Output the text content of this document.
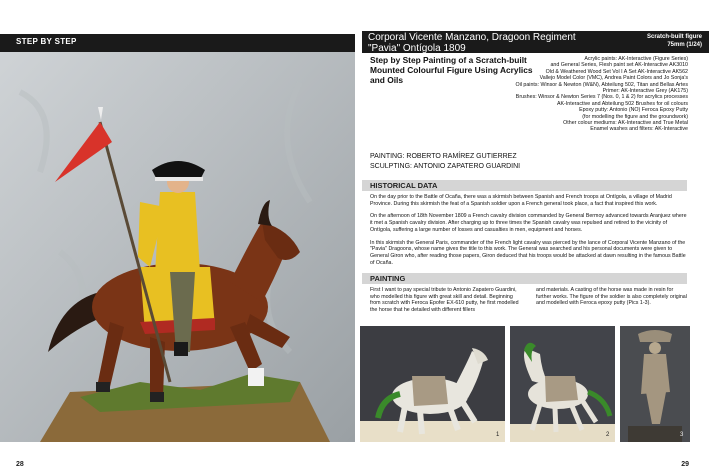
STEP BY STEP
28
Corporal Vicente Manzano, Dragoon Regiment "Pavia" Ontígola 1809
Scratch-built figure
75mm (1/24)
Step by Step Painting of a Scratch-built Mounted Colourful Figure Using Acrylics and Oils
Acrylic paints: AK-Interactive (Figure Series)
and General Series, Flesh paint set AK-Interactive AK3010
Old & Weathered Wood Set Vol I A Set AK-Interactive AK562
Vallejo Model Color (VMC), Andrea Paint Colors and Jo Sonja's
Oil paints: Winsor & Newton (W&N), Abteilung 502, Titan and Bellas Artes
Primer: AK-Interactive Grey (AK175)
Brushes: Winsor & Newton Series 7 (Nos. 0, 1 & 2) for acrylics processes
AK-Interactive and Abteilung 502 Brushes for oil colours
Epoxy putty: Antonio (NO) Feroca Epoxy Putty
(for modelling the figure and the groundwork)
Other colour mediums: AK-Interactive and True Metal
Enamel washes and filters: AK-Interactive
PAINTING: ROBERTO RAMÍREZ GUTIERREZ
SCULPTING: ANTONIO ZAPATERO GUARDINI
HISTORICAL DATA

On the day prior to the Battle of Ocaña, there was a skirmish between Spanish and French troops at Ontígola, a village of Madrid Province. During this skirmish the feat of a Spanish soldier upon a French general took place, a fact that inspired this work.

On the afternoon of 18th November 1809 a French cavalry division commanded by General Bermoy advanced towards Aranjuez where it met a Spanish cavalry division. After charging up to three times the Spanish cavalry was repulsed and retired to the vicinity of Ontígola, suffering a large number of losses and casualties in men, equipment and horses.

In this skirmish the General Paris, commander of the French light cavalry was pierced by the lance of Corporal Vicente Manzano of the "Pavia" Dragoons, whose name gives the title to this work. The General was searched and his personal documents were given to General Giron who, after reading those papers, Giron deduced that his troops would be attacked at dawn resulting in the famous Battle of Ocaña.

PAINTING
First I want to pay special tribute to Antonio Zapatero Guardini, who modelled this figure with great skill and detail. Beginning from scratch with Feroca Epofer EX-610 putty, he first modelled the horse that he detailed with different fillers
and materials. A casting of the horse was made in resin for further works. The figure of the soldier is also completely original and modelled with Feroca epoxy putty (Pics 1-3).
1	2	3
29
